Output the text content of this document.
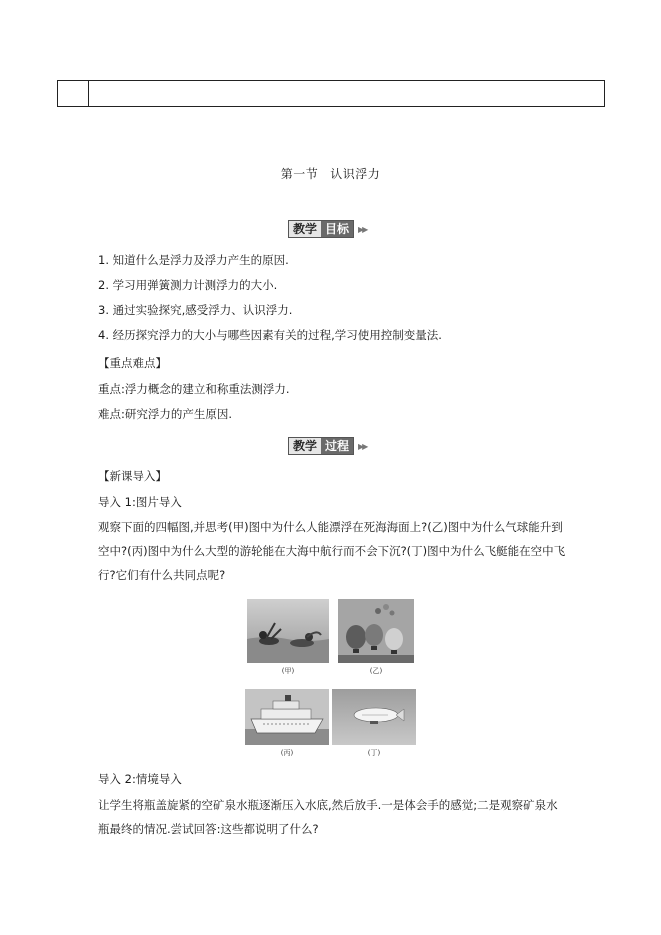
第一节 认识浮力
教学 目标	▶▶
1. 知道什么是浮力及浮力产生的原因.
2. 学习用弹簧测力计测浮力的大小.
3. 通过实验探究,感受浮力、认识浮力.
4. 经历探究浮力的大小与哪些因素有关的过程,学习使用控制变量法.
【重点难点】
重点:浮力概念的建立和称重法测浮力.
难点:研究浮力的产生原因.
教学 过程	▶▶
【新课导入】
导入 1:图片导入
观察下面的四幅图,并思考(甲)图中为什么人能漂浮在死海海面上?(乙)图中为什么气球能升到空中?(丙)图中为什么大型的游轮能在大海中航行而不会下沉?(丁)图中为什么飞艇能在空中飞行?它们有什么共同点呢?
(甲)	(乙)
(丙)	(丁)
导入 2:情境导入
让学生将瓶盖旋紧的空矿泉水瓶逐渐压入水底,然后放手.一是体会手的感觉;二是观察矿泉水瓶最终的情况.尝试回答:这些都说明了什么?
